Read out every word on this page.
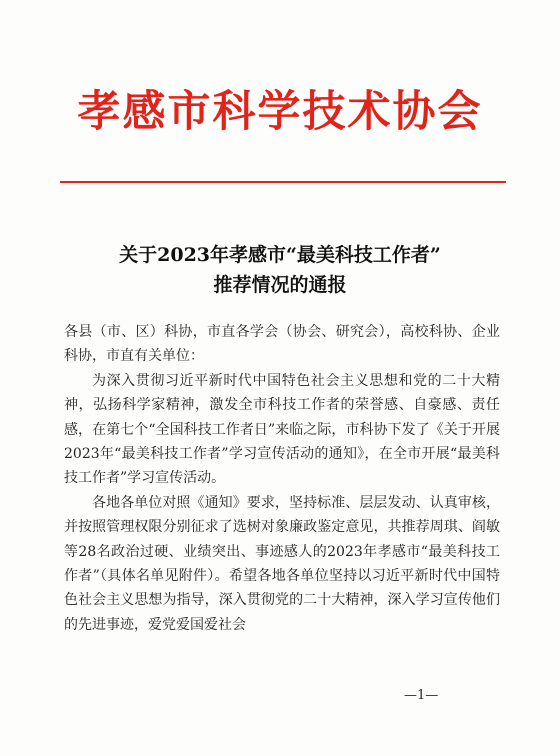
孝感市科学技术协会
关于2023年孝感市“最美科技工作者”
推荐情况的通报

各县（市、区）科协，市直各学会（协会、研究会），高校科协、企业科协，市直有关单位：

为深入贯彻习近平新时代中国特色社会主义思想和党的二十大精神，弘扬科学家精神，激发全市科技工作者的荣誉感、自豪感、责任感，在第七个“全国科技工作者日”来临之际，市科协下发了《关于开展2023年“最美科技工作者”学习宣传活动的通知》，在全市开展“最美科技工作者”学习宣传活动。

各地各单位对照《通知》要求，坚持标准、层层发动、认真审核，并按照管理权限分别征求了选树对象廉政鉴定意见，共推荐周琪、阎敏等28名政治过硬、业绩突出、事迹感人的2023年孝感市“最美科技工作者”（具体名单见附件）。希望各地各单位坚持以习近平新时代中国特色社会主义思想为指导，深入贯彻党的二十大精神，深入学习宣传他们的先进事迹，爱党爱国爱社会

—1—
